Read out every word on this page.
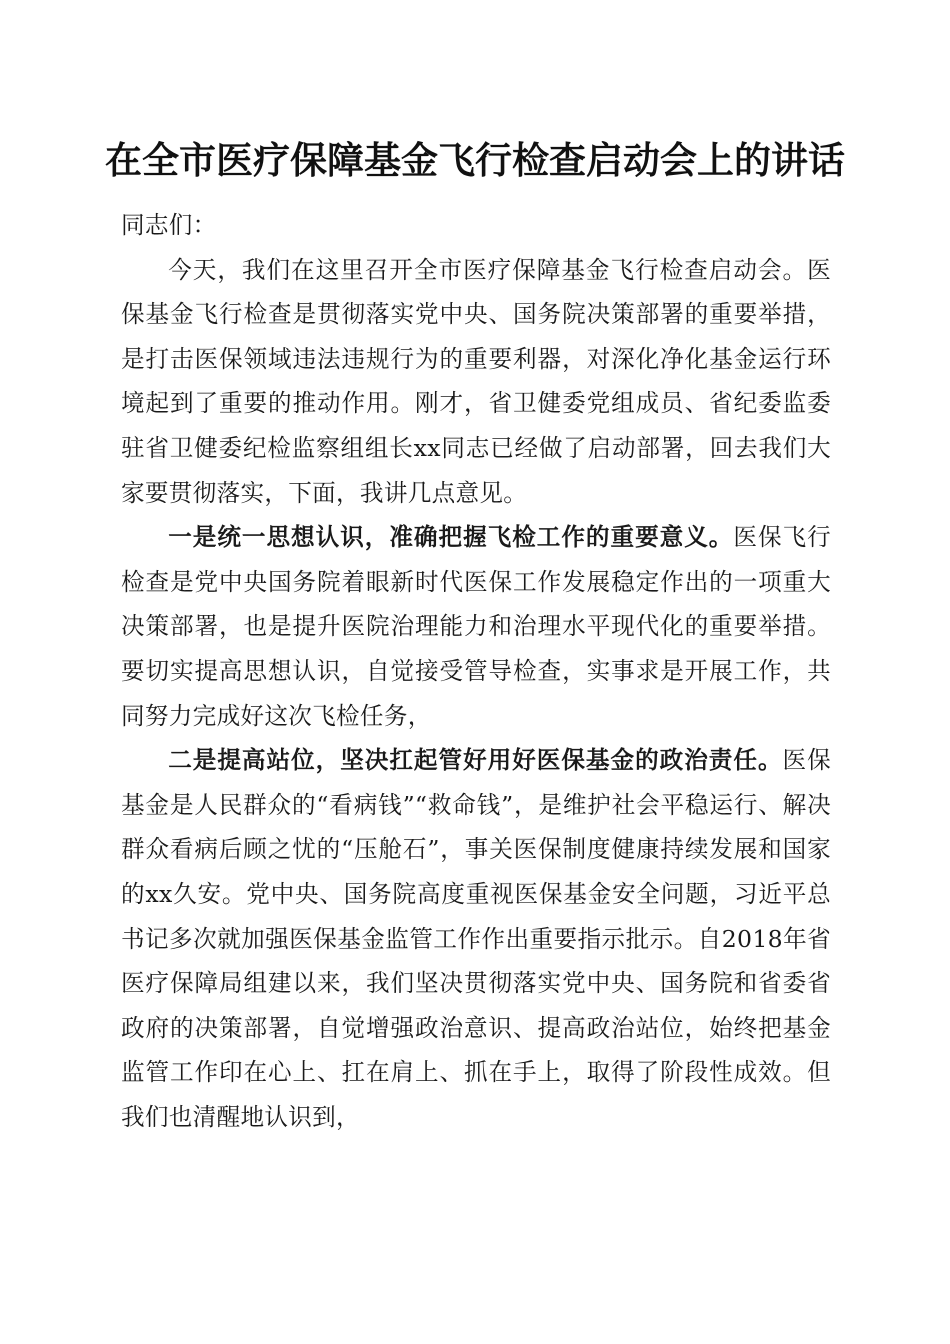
在全市医疗保障基金飞行检查启动会上的讲话

同志们：

今天，我们在这里召开全市医疗保障基金飞行检查启动会。医保基金飞行检查是贯彻落实党中央、国务院决策部署的重要举措，是打击医保领域违法违规行为的重要利器，对深化净化基金运行环境起到了重要的推动作用。刚才，省卫健委党组成员、省纪委监委驻省卫健委纪检监察组组长xx同志已经做了启动部署，回去我们大家要贯彻落实，下面，我讲几点意见。

一是统一思想认识，准确把握飞检工作的重要意义。医保飞行检查是党中央国务院着眼新时代医保工作发展稳定作出的一项重大决策部署，也是提升医院治理能力和治理水平现代化的重要举措。要切实提高思想认识，自觉接受管导检查，实事求是开展工作，共同努力完成好这次飞检任务，

二是提高站位，坚决扛起管好用好医保基金的政治责任。医保基金是人民群众的“看病钱”“救命钱”，是维护社会平稳运行、解决群众看病后顾之忧的“压舱石”，事关医保制度健康持续发展和国家的xx久安。党中央、国务院高度重视医保基金安全问题，习近平总书记多次就加强医保基金监管工作作出重要指示批示。自2018年省医疗保障局组建以来，我们坚决贯彻落实党中央、国务院和省委省政府的决策部署，自觉增强政治意识、提高政治站位，始终把基金监管工作印在心上、扛在肩上、抓在手上，取得了阶段性成效。但我们也清醒地认识到，
